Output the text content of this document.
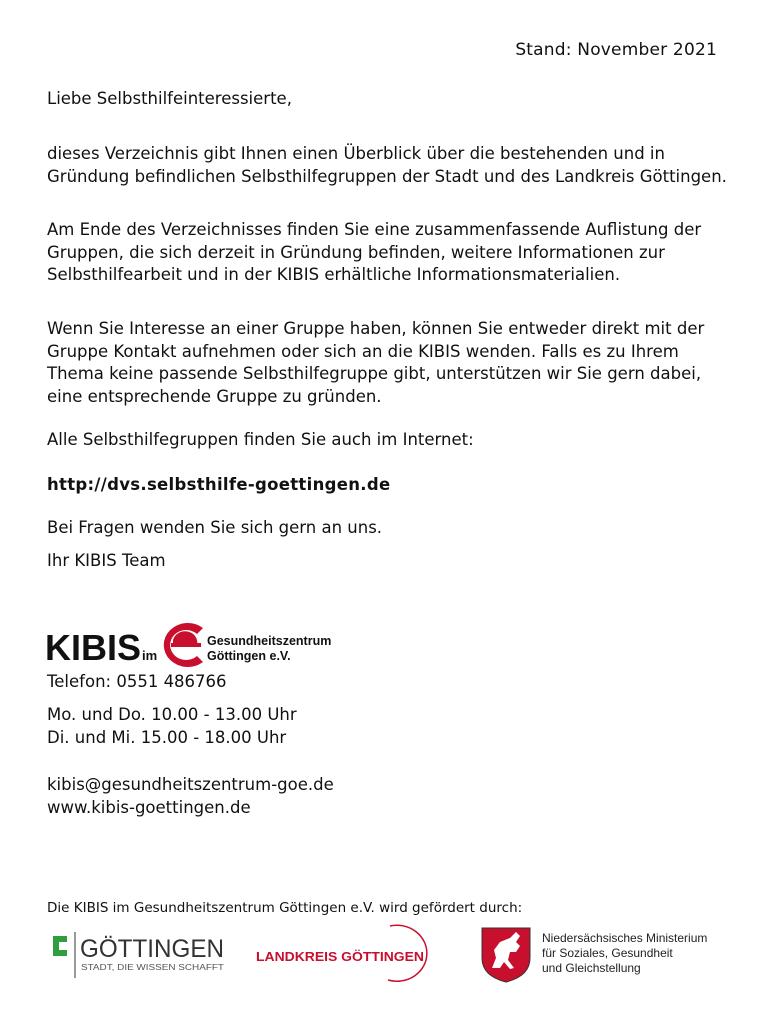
Stand: November 2021

Liebe Selbsthilfeinteressierte,

dieses Verzeichnis gibt Ihnen einen Überblick über die bestehenden und in Gründung befindlichen Selbsthilfegruppen der Stadt und des Landkreis Göttingen.

Am Ende des Verzeichnisses finden Sie eine zusammenfassende Auflistung der Gruppen, die sich derzeit in Gründung befinden, weitere Informationen zur Selbsthilfearbeit und in der KIBIS erhältliche Informationsmaterialien.

Wenn Sie Interesse an einer Gruppe haben, können Sie entweder direkt mit der Gruppe Kontakt aufnehmen oder sich an die KIBIS wenden. Falls es zu Ihrem Thema keine passende Selbsthilfegruppe gibt, unterstützen wir Sie gern dabei, eine entsprechende Gruppe zu gründen.

Alle Selbsthilfegruppen finden Sie auch im Internet:

http://dvs.selbsthilfe-goettingen.de

Bei Fragen wenden Sie sich gern an uns.

Ihr KIBIS Team

KIBIS im
Gesundheitszentrum
Göttingen e.V.
Telefon: 0551 486766
Mo. und Do. 10.00 - 13.00 Uhr
Di. und Mi. 15.00 - 18.00 Uhr
kibis@gesundheitszentrum-goe.de
www.kibis-goettingen.de
Die KIBIS im Gesundheitszentrum Göttingen e.V. wird gefördert durch:
GÖTTINGEN
STADT, DIE WISSEN SCHAFFT
LANDKREIS GÖTTINGEN
Niedersächsisches Ministerium
für Soziales, Gesundheit
und Gleichstellung
